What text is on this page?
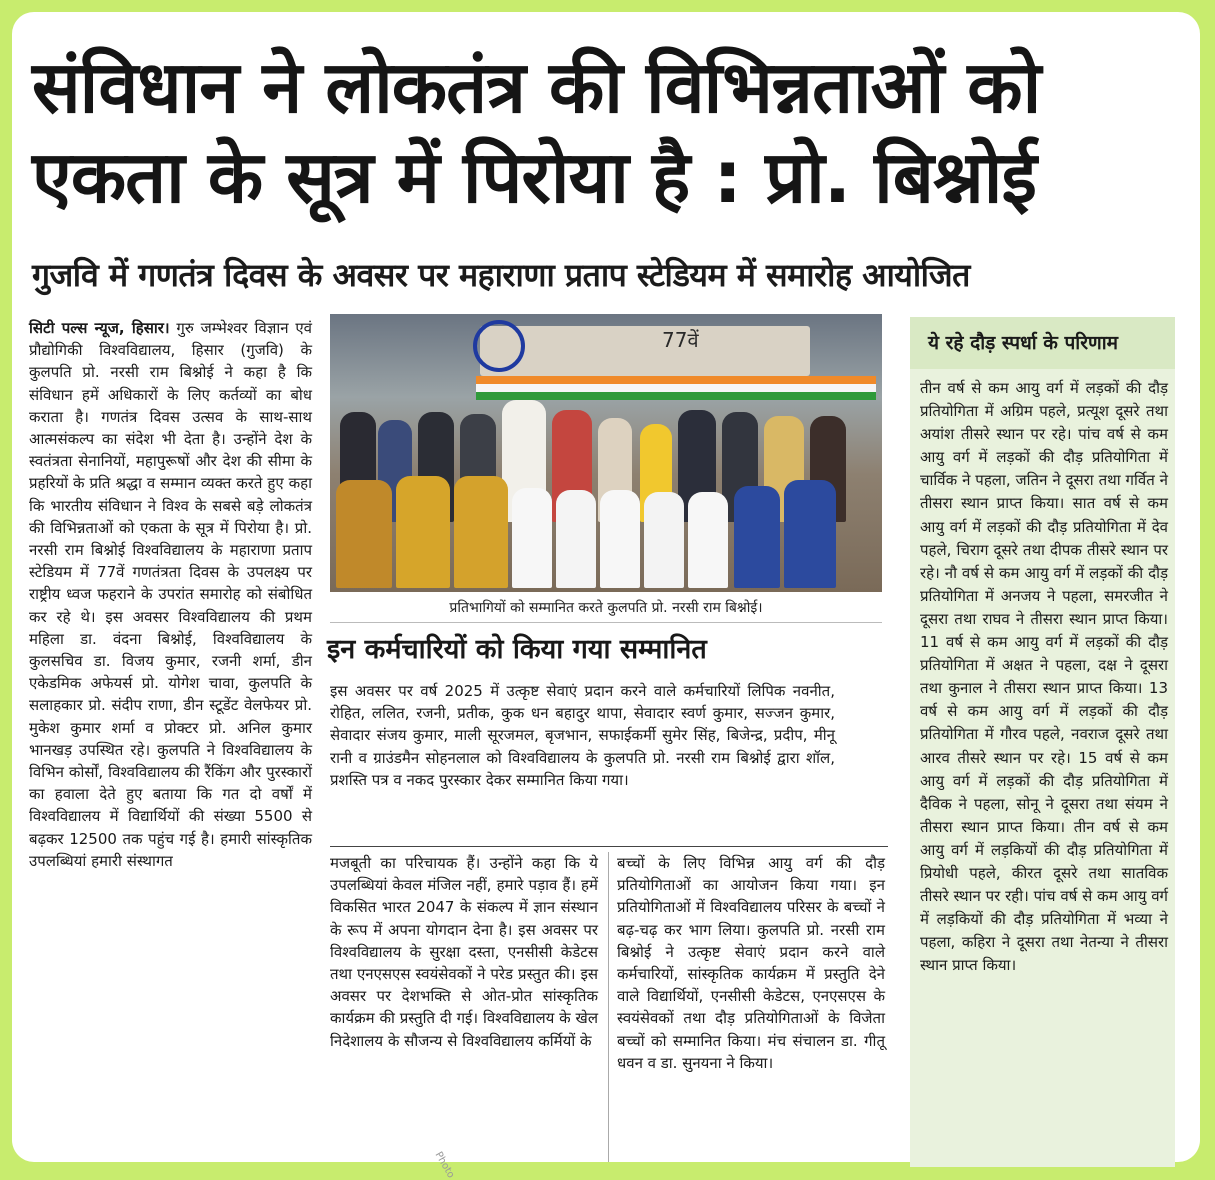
संविधान ने लोकतंत्र की विभिन्नताओं को एकता के सूत्र में पिरोया है : प्रो. बिश्नोई
गुजवि में गणतंत्र दिवस के अवसर पर महाराणा प्रताप स्टेडियम में समारोह आयोजित

सिटी पल्स न्यूज, हिसार। गुरु जम्भेश्वर विज्ञान एवं प्रौद्योगिकी विश्वविद्यालय, हिसार (गुजवि) के कुलपति प्रो. नरसी राम बिश्नोई ने कहा है कि संविधान हमें अधिकारों के लिए कर्तव्यों का बोध कराता है। गणतंत्र दिवस उत्सव के साथ-साथ आत्मसंकल्प का संदेश भी देता है। उन्होंने देश के स्वतंत्रता सेनानियों, महापुरूषों और देश की सीमा के प्रहरियों के प्रति श्रद्धा व सम्मान व्यक्त करते हुए कहा कि भारतीय संविधान ने विश्व के सबसे बड़े लोकतंत्र की विभिन्नताओं को एकता के सूत्र में पिरोया है। प्रो. नरसी राम बिश्नोई विश्वविद्यालय के महाराणा प्रताप स्टेडियम में 77वें गणतंत्रता दिवस के उपलक्ष्य पर राष्ट्रीय ध्वज फहराने के उपरांत समारोह को संबोधित कर रहे थे। इस अवसर विश्वविद्यालय की प्रथम महिला डा. वंदना बिश्नोई, विश्वविद्यालय के कुलसचिव डा. विजय कुमार, रजनी शर्मा, डीन एकेडमिक अफेयर्स प्रो. योगेश चावा, कुलपति के सलाहकार प्रो. संदीप राणा, डीन स्टूडेंट वेलफेयर प्रो. मुकेश कुमार शर्मा व प्रोक्टर प्रो. अनिल कुमार भानखड़ उपस्थित रहे। कुलपति ने विश्वविद्यालय के विभिन कोर्सों, विश्वविद्यालय की रैंकिंग और पुरस्कारों का हवाला देते हुए बताया कि गत दो वर्षों में विश्वविद्यालय में विद्यार्थियों की संख्या 5500 से बढ़कर 12500 तक पहुंच गई है। हमारी सांस्कृतिक उपलब्धियां हमारी संस्थागत

77वें

प्रतिभागियों को सम्मानित करते कुलपति प्रो. नरसी राम बिश्नोई।

इन कर्मचारियों को किया गया सम्मानित

इस अवसर पर वर्ष 2025 में उत्कृष्ट सेवाएं प्रदान करने वाले कर्मचारियों लिपिक नवनीत, रोहित, ललित, रजनी, प्रतीक, कुक धन बहादुर थापा, सेवादार स्वर्ण कुमार, सज्जन कुमार, सेवादार संजय कुमार, माली सूरजमल, बृजभान, सफाईकर्मी सुमेर सिंह, बिजेन्द्र, प्रदीप, मीनू रानी व ग्राउंडमैन सोहनलाल को विश्वविद्यालय के कुलपति प्रो. नरसी राम बिश्नोई द्वारा शॉल, प्रशस्ति पत्र व नकद पुरस्कार देकर सम्मानित किया गया।

मजबूती का परिचायक हैं। उन्होंने कहा कि ये उपलब्धियां केवल मंजिल नहीं, हमारे पड़ाव हैं। हमें विकसित भारत 2047 के संकल्प में ज्ञान संस्थान के रूप में अपना योगदान देना है। इस अवसर पर विश्वविद्यालय के सुरक्षा दस्ता, एनसीसी केडेटस तथा एनएसएस स्वयंसेवकों ने परेड प्रस्तुत की। इस अवसर पर देशभक्ति से ओत-प्रोत सांस्कृतिक कार्यक्रम की प्रस्तुति दी गई। विश्वविद्यालय के खेल निदेशालय के सौजन्य से विश्वविद्यालय कर्मियों के

बच्चों के लिए विभिन्न आयु वर्ग की दौड़ प्रतियोगिताओं का आयोजन किया गया। इन प्रतियोगिताओं में विश्वविद्यालय परिसर के बच्चों ने बढ़-चढ़ कर भाग लिया। कुलपति प्रो. नरसी राम बिश्नोई ने उत्कृष्ट सेवाएं प्रदान करने वाले कर्मचारियों, सांस्कृतिक कार्यक्रम में प्रस्तुति देने वाले विद्यार्थियों, एनसीसी केडेटस, एनएसएस के स्वयंसेवकों तथा दौड़ प्रतियोगिताओं के विजेता बच्चों को सम्मानित किया। मंच संचालन डा. गीतू धवन व डा. सुनयना ने किया।

ये रहे दौड़ स्पर्धा के परिणाम

तीन वर्ष से कम आयु वर्ग में लड़कों की दौड़ प्रतियोगिता में अग्रिम पहले, प्रत्यूश दूसरे तथा अयांश तीसरे स्थान पर रहे। पांच वर्ष से कम आयु वर्ग में लड़कों की दौड़ प्रतियोगिता में चार्विक ने पहला, जतिन ने दूसरा तथा गर्वित ने तीसरा स्थान प्राप्त किया। सात वर्ष से कम आयु वर्ग में लड़कों की दौड़ प्रतियोगिता में देव पहले, चिराग दूसरे तथा दीपक तीसरे स्थान पर रहे। नौ वर्ष से कम आयु वर्ग में लड़कों की दौड़ प्रतियोगिता में अनजय ने पहला, समरजीत ने दूसरा तथा राघव ने तीसरा स्थान प्राप्त किया। 11 वर्ष से कम आयु वर्ग में लड़कों की दौड़ प्रतियोगिता में अक्षत ने पहला, दक्ष ने दूसरा तथा कुनाल ने तीसरा स्थान प्राप्त किया। 13 वर्ष से कम आयु वर्ग में लड़कों की दौड़ प्रतियोगिता में गौरव पहले, नवराज दूसरे तथा आरव तीसरे स्थान पर रहे। 15 वर्ष से कम आयु वर्ग में लड़कों की दौड़ प्रतियोगिता में दैविक ने पहला, सोनू ने दूसरा तथा संयम ने तीसरा स्थान प्राप्त किया। तीन वर्ष से कम आयु वर्ग में लड़कियों की दौड़ प्रतियोगिता में प्रियोधी पहले, कीरत दूसरे तथा सातविक तीसरे स्थान पर रही। पांच वर्ष से कम आयु वर्ग में लड़कियों की दौड़ प्रतियोगिता में भव्या ने पहला, कहिरा ने दूसरा तथा नेतन्या ने तीसरा स्थान प्राप्त किया।

Photo
